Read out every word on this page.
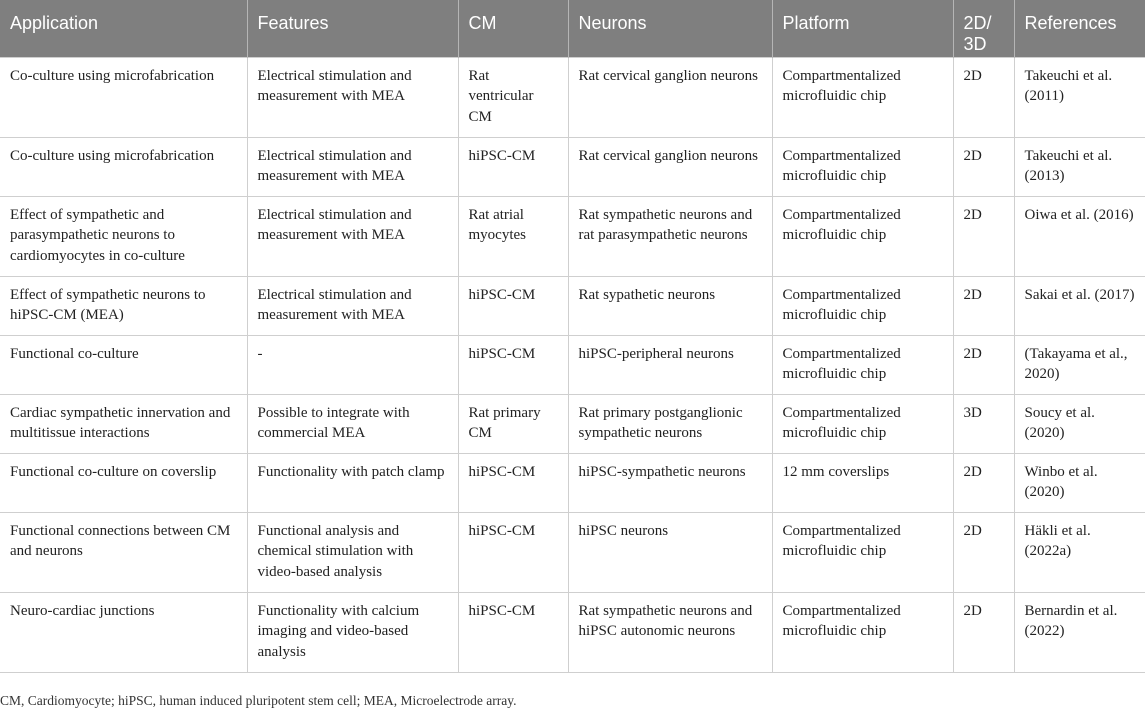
Application	Features	CM	Neurons	Platform	2D/ 3D	References
Co-culture using microfabrication	Electrical stimulation and measurement with MEA	Rat ventricular CM	Rat cervical ganglion neurons	Compartmentalized microfluidic chip	2D	Takeuchi et al. (2011)
Co-culture using microfabrication	Electrical stimulation and measurement with MEA	hiPSC-CM	Rat cervical ganglion neurons	Compartmentalized microfluidic chip	2D	Takeuchi et al. (2013)
Effect of sympathetic and parasympathetic neurons to cardiomyocytes in co-culture	Electrical stimulation and measurement with MEA	Rat atrial myocytes	Rat sympathetic neurons and rat parasympathetic neurons	Compartmentalized microfluidic chip	2D	Oiwa et al. (2016)
Effect of sympathetic neurons to hiPSC-CM (MEA)	Electrical stimulation and measurement with MEA	hiPSC-CM	Rat sypathetic neurons	Compartmentalized microfluidic chip	2D	Sakai et al. (2017)
Functional co-culture	-	hiPSC-CM	hiPSC-peripheral neurons	Compartmentalized microfluidic chip	2D	(Takayama et al., 2020)
Cardiac sympathetic innervation and multitissue interactions	Possible to integrate with commercial MEA	Rat primary CM	Rat primary postganglionic sympathetic neurons	Compartmentalized microfluidic chip	3D	Soucy et al. (2020)
Functional co-culture on coverslip	Functionality with patch clamp	hiPSC-CM	hiPSC-sympathetic neurons	12 mm coverslips	2D	Winbo et al. (2020)
Functional connections between CM and neurons	Functional analysis and chemical stimulation with video-based analysis	hiPSC-CM	hiPSC neurons	Compartmentalized microfluidic chip	2D	Häkli et al. (2022a)
Neuro-cardiac junctions	Functionality with calcium imaging and video-based analysis	hiPSC-CM	Rat sympathetic neurons and hiPSC autonomic neurons	Compartmentalized microfluidic chip	2D	Bernardin et al. (2022)
CM, Cardiomyocyte; hiPSC, human induced pluripotent stem cell; MEA, Microelectrode array.
